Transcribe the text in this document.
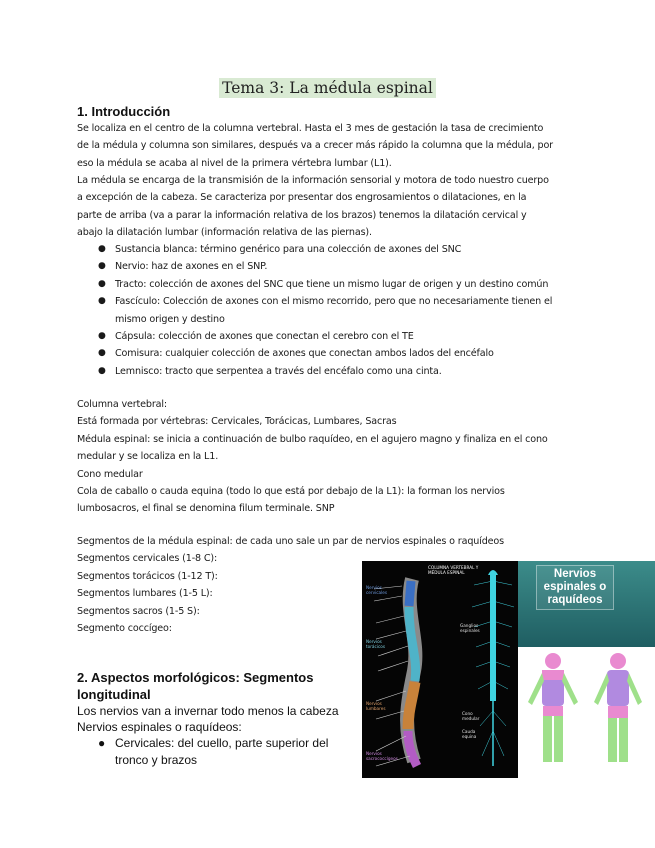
Tema 3: La médula espinal
1. Introducción
Se localiza en el centro de la columna vertebral. Hasta el 3 mes de gestación la tasa de crecimiento
de la médula y columna son similares, después va a crecer más rápido la columna que la médula, por
eso la médula se acaba al nivel de la primera vértebra lumbar (L1).
La médula se encarga de la transmisión de la información sensorial y motora de todo nuestro cuerpo
a excepción de la cabeza. Se caracteriza por presentar dos engrosamientos o dilataciones, en la
parte de arriba (va a parar la información relativa de los brazos) tenemos la dilatación cervical y
abajo la dilatación lumbar (información relativa de las piernas).
● Sustancia blanca: término genérico para una colección de axones del SNC
● Nervio: haz de axones en el SNP.
● Tracto: colección de axones del SNC que tiene un mismo lugar de origen y un destino común
● Fascículo: Colección de axones con el mismo recorrido, pero que no necesariamente tienen el
mismo origen y destino
● Cápsula: colección de axones que conectan el cerebro con el TE
● Comisura: cualquier colección de axones que conectan ambos lados del encéfalo
● Lemnisco: tracto que serpentea a través del encéfalo como una cinta.
Columna vertebral:
Está formada por vértebras: Cervicales, Torácicas, Lumbares, Sacras
Médula espinal: se inicia a continuación de bulbo raquídeo, en el agujero magno y finaliza en el cono
medular y se localiza en la L1.
Cono medular
Cola de caballo o cauda equina (todo lo que está por debajo de la L1): la forman los nervios
lumbosacros, el final se denomina filum terminale. SNP
Segmentos de la médula espinal: de cada uno sale un par de nervios espinales o raquídeos
Segmentos cervicales (1-8 C):
Segmentos torácicos (1-12 T):
Segmentos lumbares (1-5 L):
Segmentos sacros (1-5 S):
Segmento coccígeo:
2. Aspectos morfológicos: Segmentos
longitudinal
Los nervios van a invernar todo menos la cabeza
Nervios espinales o raquídeos:
● Cervicales: del cuello, parte superior del
tronco y brazos
COLUMNA VERTEBRAL Y MÉDULA ESPINAL
Nervios cervicales
Nervios torácicos
Nervios lumbares
Nervios sacrococcígeos
Ganglios espinales
Cono medular
Cauda equina
Nervios espinales o raquídeos
